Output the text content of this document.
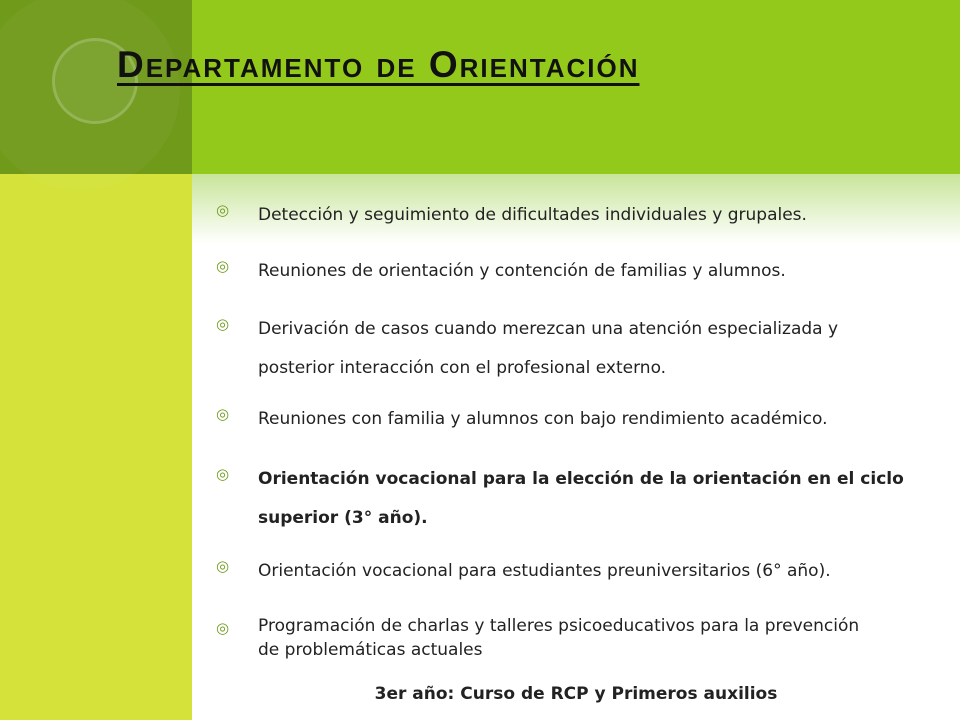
Departamento de Orientación
◎	Detección y seguimiento de dificultades individuales y grupales.
◎	Reuniones de orientación y contención de familias y alumnos.
◎	Derivación de casos cuando merezcan una atención especializada y
posterior interacción con el profesional externo.
◎	Reuniones con familia y alumnos con bajo rendimiento académico.
◎	Orientación vocacional para la elección de la orientación en el ciclo
superior (3° año).
◎	Orientación vocacional para estudiantes preuniversitarios (6° año).
◎	Programación de charlas y talleres psicoeducativos para la prevención
de problemáticas actuales
3er año: Curso de RCP y Primeros auxilios
